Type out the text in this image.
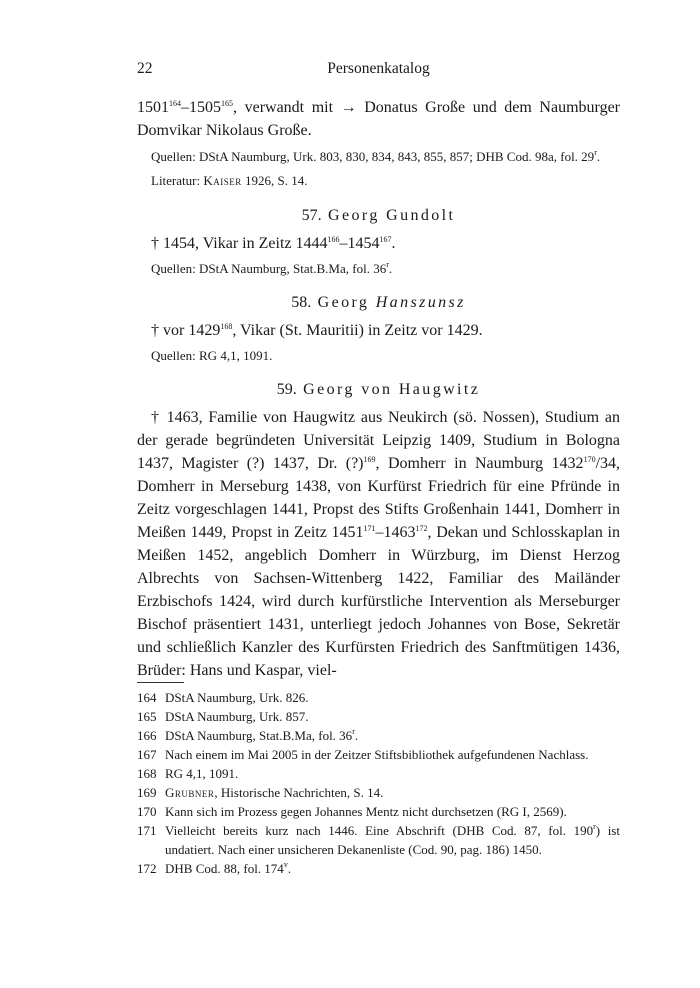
22	Personenkatalog

1501$^{164}$–1505$^{165}$, verwandt mit → Donatus Große und dem Naumburger Domvikar Nikolaus Große.

Quellen: DStA Naumburg, Urk. 803, 830, 834, 843, 855, 857; DHB Cod. 98a, fol. 29$^r$.

Literatur: Kaiser 1926, S. 14.

57. Georg Gundolt

† 1454, Vikar in Zeitz 1444$^{166}$–1454$^{167}$.

Quellen: DStA Naumburg, Stat.B.Ma, fol. 36$^r$.

58. Georg Hanszunsz

† vor 1429$^{168}$, Vikar (St. Mauritii) in Zeitz vor 1429.

Quellen: RG 4,1, 1091.

59. Georg von Haugwitz

† 1463, Familie von Haugwitz aus Neukirch (sö. Nossen), Studium an der gerade begründeten Universität Leipzig 1409, Studium in Bologna 1437, Magister (?) 1437, Dr. (?)$^{169}$, Domherr in Naumburg 1432$^{170}$/34, Domherr in Merseburg 1438, von Kurfürst Friedrich für eine Pfründe in Zeitz vorgeschlagen 1441, Propst des Stifts Großenhain 1441, Domherr in Meißen 1449, Propst in Zeitz 1451$^{171}$–1463$^{172}$, Dekan und Schlosskaplan in Meißen 1452, angeblich Domherr in Würzburg, im Dienst Herzog Albrechts von Sachsen-Wittenberg 1422, Familiar des Mailänder Erzbischofs 1424, wird durch kurfürstliche Intervention als Merseburger Bischof präsentiert 1431, unterliegt jedoch Johannes von Bose, Sekretär und schließlich Kanzler des Kurfürsten Friedrich des Sanftmütigen 1436, Brüder: Hans und Kaspar, viel-

164 DStA Naumburg, Urk. 826.
165 DStA Naumburg, Urk. 857.
166 DStA Naumburg, Stat.B.Ma, fol. 36$^r$.
167 Nach einem im Mai 2005 in der Zeitzer Stiftsbibliothek aufgefundenen Nachlass.
168 RG 4,1, 1091.
169 Grubner, Historische Nachrichten, S. 14.
170 Kann sich im Prozess gegen Johannes Mentz nicht durchsetzen (RG I, 2569).
171 Vielleicht bereits kurz nach 1446. Eine Abschrift (DHB Cod. 87, fol. 190$^r$) ist undatiert. Nach einer unsicheren Dekanenliste (Cod. 90, pag. 186) 1450.
172 DHB Cod. 88, fol. 174$^v$.
